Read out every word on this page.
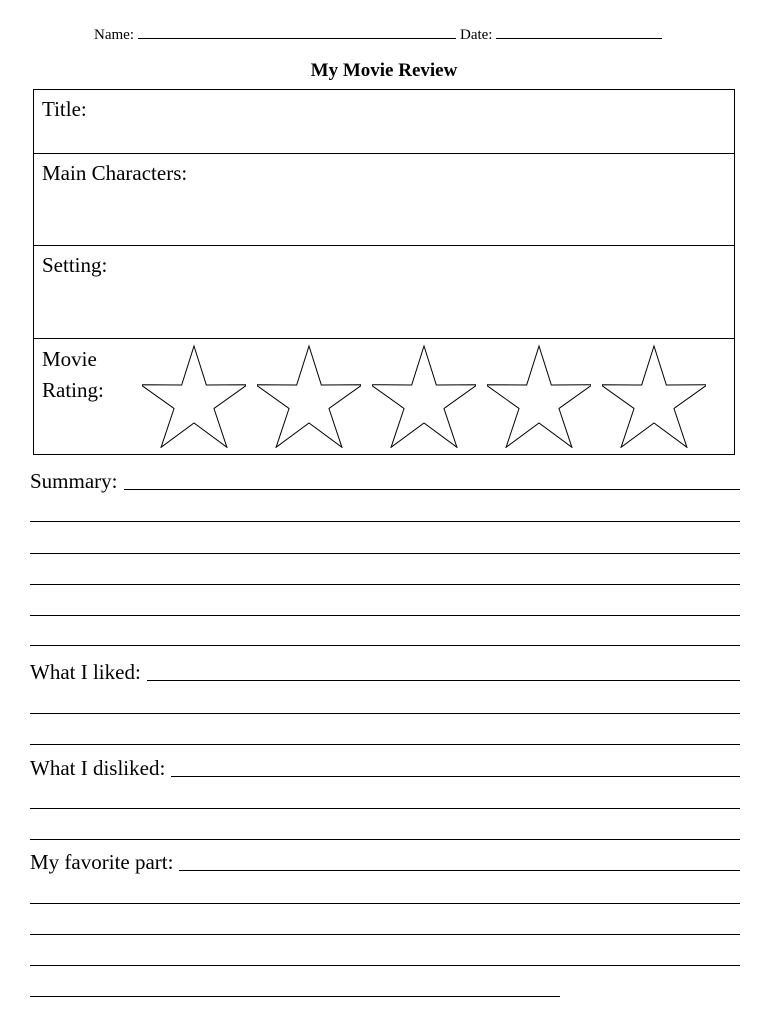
Name:	Date:
My Movie Review
Title:
Main Characters:
Setting:
Movie
Rating:
Summary:
What I liked:
What I disliked:
My favorite part:
